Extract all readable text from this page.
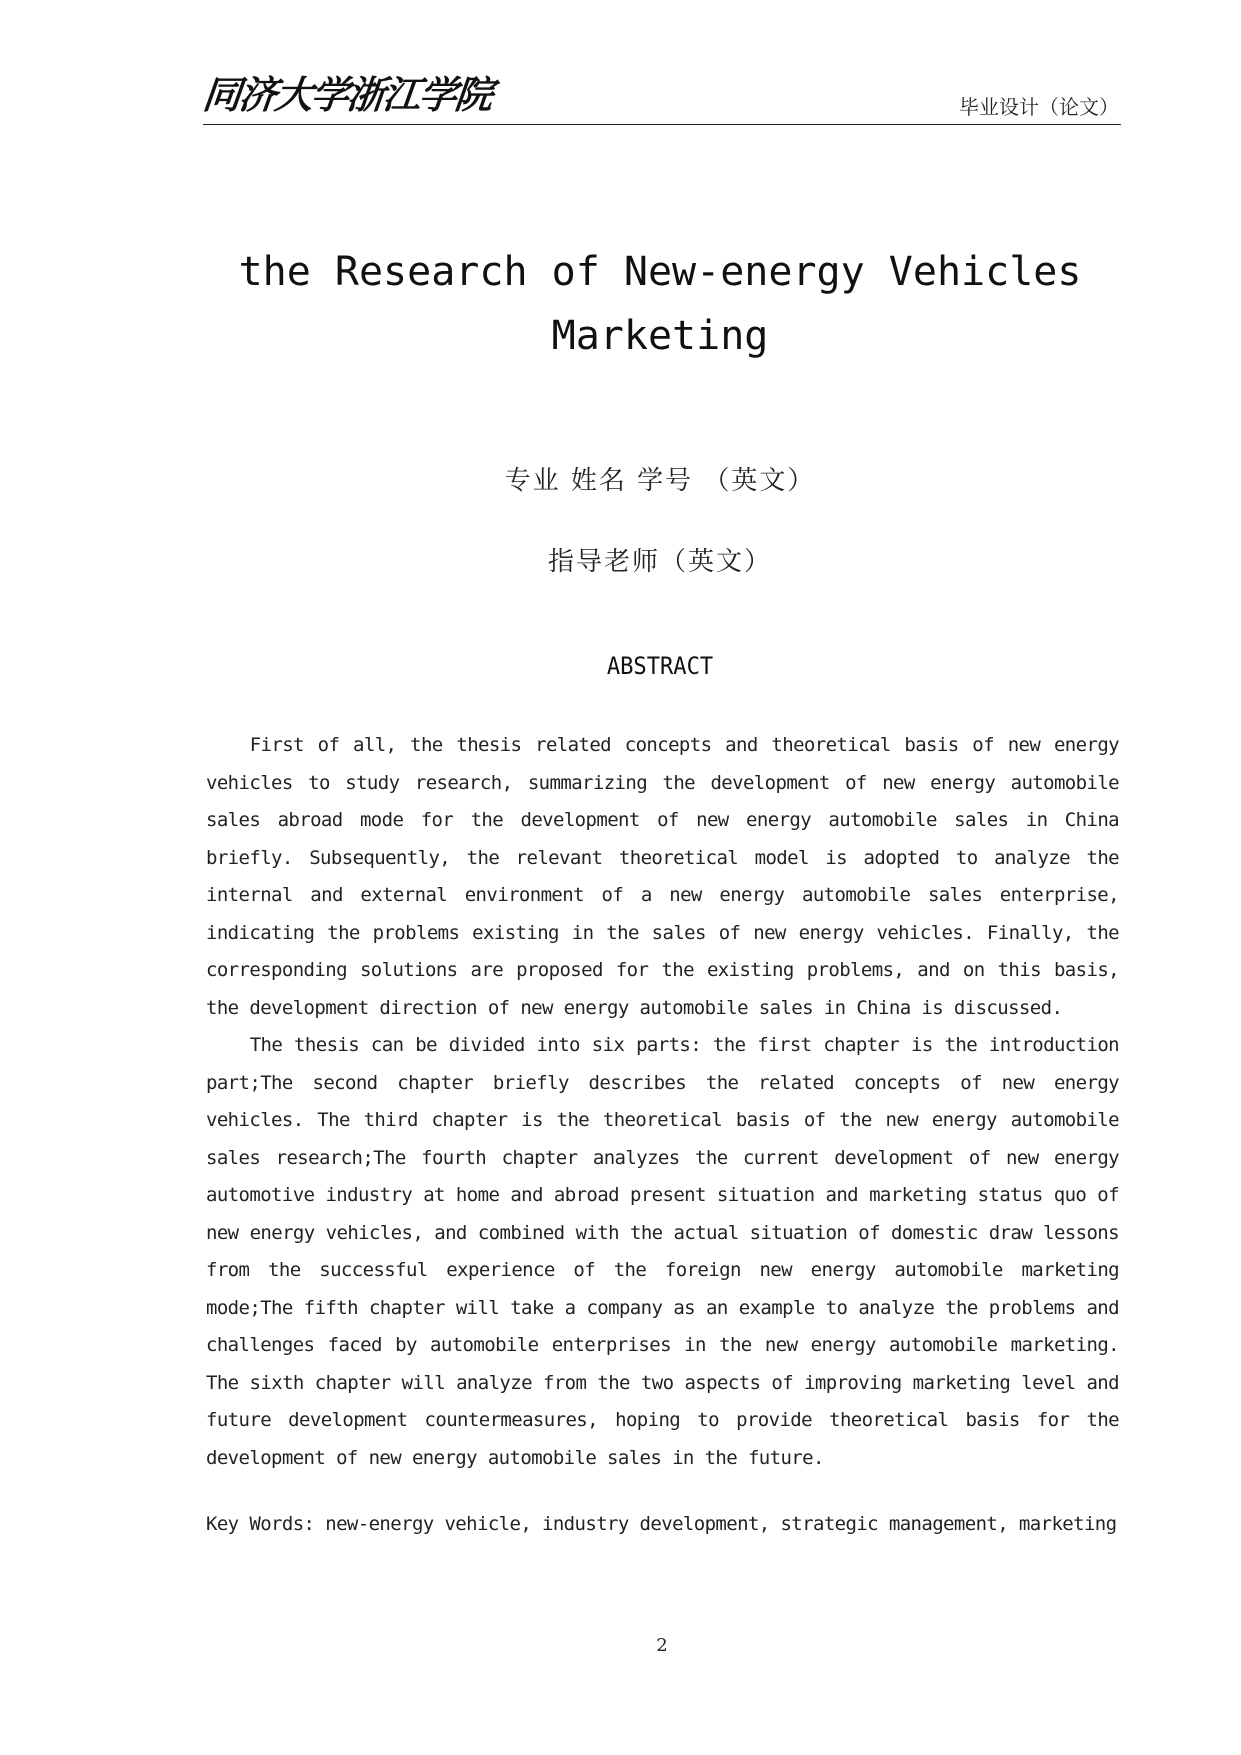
同济大学浙江学院	毕业设计（论文）
the Research of New-energy Vehicles
Marketing
专业 姓名 学号 （英文）
指导老师（英文）
ABSTRACT

First of all, the thesis related concepts and theoretical basis of new energy vehicles to study research, summarizing the development of new energy automobile sales abroad mode for the development of new energy automobile sales in China briefly. Subsequently, the relevant theoretical model is adopted to analyze the internal and external environment of a new energy automobile sales enterprise, indicating the problems existing in the sales of new energy vehicles. Finally, the corresponding solutions are proposed for the existing problems, and on this basis, the development direction of new energy automobile sales in China is discussed.

The thesis can be divided into six parts: the first chapter is the introduction part;The second chapter briefly describes the related concepts of new energy vehicles. The third chapter is the theoretical basis of the new energy automobile sales research;The fourth chapter analyzes the current development of new energy automotive industry at home and abroad present situation and marketing status quo of new energy vehicles, and combined with the actual situation of domestic draw lessons from the successful experience of the foreign new energy automobile marketing mode;The fifth chapter will take a company as an example to analyze the problems and challenges faced by automobile enterprises in the new energy automobile marketing. The sixth chapter will analyze from the two aspects of improving marketing level and future development countermeasures, hoping to provide theoretical basis for the development of new energy automobile sales in the future.

Key Words: new-energy vehicle, industry development, strategic management, marketing
2
